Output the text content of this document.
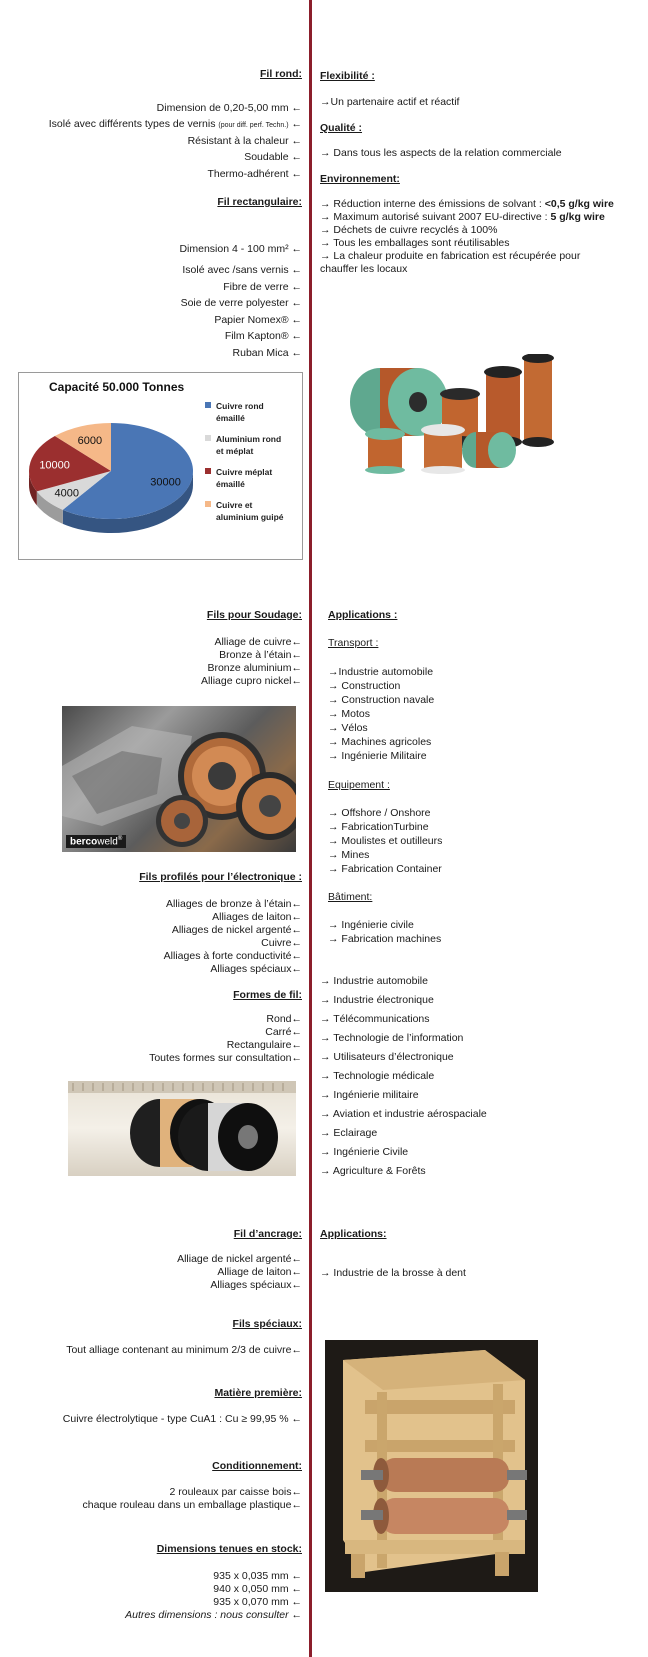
Fil rond:
Dimension de 0,20-5,00 mm ←
Isolé avec différents types de vernis (pour diff. perf. Techn.) ←
Résistant à la chaleur ←
Soudable ←
Thermo-adhérent ←
Fil rectangulaire:
Dimension 4 - 100 mm² ←
Isolé avec /sans vernis ←
Fibre de verre ←
Soie de verre polyester ←
Papier Nomex® ←
Film Kapton® ←
Ruban Mica ←
Capacité 50.000 Tonnes
30000
4000
10000
6000
Cuivre rond émaillé
Aluminium rond et méplat
Cuivre méplat émaillé
Cuivre et aluminium guipé
Fils pour Soudage:
Alliage de cuivre←
Bronze à l’étain←
Bronze aluminium←
Alliage cupro nickel←
bercoweld®
Fils profilés pour l’électronique :
Alliages de bronze à l’étain←
Alliages de laiton←
Alliages de nickel argenté←
Cuivre←
Alliages à forte conductivité←
Alliages spéciaux←
Formes de fil:
Rond←
Carré←
Rectangulaire←
Toutes formes sur consultation←
Fil d’ancrage:
Alliage de nickel argenté←
Alliage de laiton←
Alliages spéciaux←
Fils spéciaux:
Tout alliage contenant au minimum 2/3 de cuivre←
Matière première:
Cuivre électrolytique - type CuA1 : Cu ≥ 99,95 % ←
Conditionnement:
2 rouleaux par caisse bois←
chaque rouleau dans un emballage plastique←
Dimensions tenues en stock:
935 x 0,035 mm ←
940 x 0,050 mm ←
935 x 0,070 mm ←
Autres dimensions : nous consulter ←
Flexibilité :
→Un partenaire actif et réactif
Qualité :
→ Dans tous les aspects de la relation commerciale
Environnement:
→ Réduction interne des émissions de solvant : <0,5 g/kg wire
→ Maximum autorisé suivant 2007 EU-directive : 5 g/kg wire
→ Déchets de cuivre recyclés à 100%
→ Tous les emballages sont réutilisables
→ La chaleur produite en fabrication est récupérée pour
chauffer les locaux
Applications :
Transport :
→Industrie automobile
→ Construction
→ Construction navale
→ Motos
→ Vélos
→ Machines agricoles
→ Ingénierie Militaire
Equipement :
→ Offshore / Onshore
→ FabricationTurbine
→ Moulistes et outilleurs
→ Mines
→ Fabrication Container
Bâtiment:
→ Ingénierie civile
→ Fabrication machines
→ Industrie automobile
→ Industrie électronique
→ Télécommunications
→ Technologie de l’information
→ Utilisateurs d’électronique
→ Technologie médicale
→ Ingénierie militaire
→ Aviation et industrie aérospaciale
→ Eclairage
→ Ingénierie Civile
→ Agriculture & Forêts
Applications:
→ Industrie de la brosse à dent
